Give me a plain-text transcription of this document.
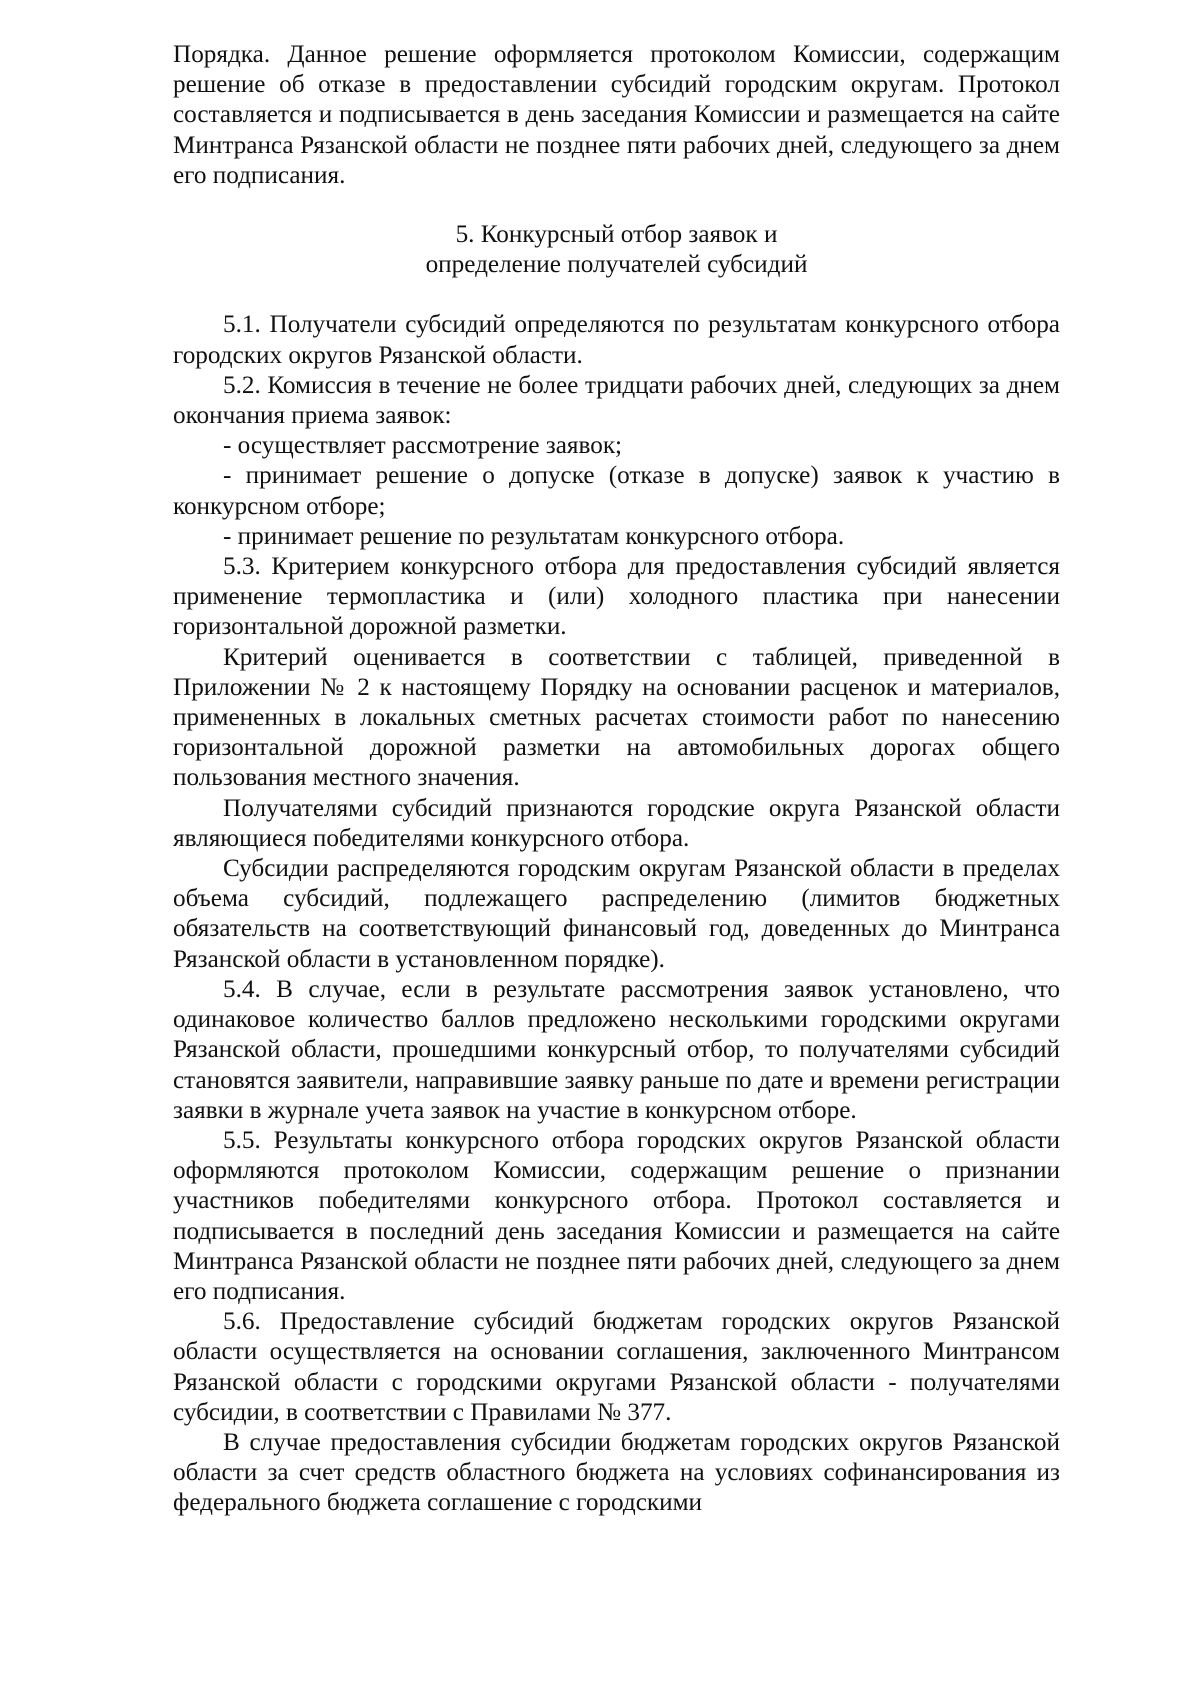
Порядка. Данное решение оформляется протоколом Комиссии, содержащим решение об отказе в предоставлении субсидий городским округам. Протокол составляется и подписывается в день заседания Комиссии и размещается на сайте Минтранса Рязанской области не позднее пяти рабочих дней, следующего за днем его подписания.

5. Конкурсный отбор заявок и
определение получателей субсидий

5.1. Получатели субсидий определяются по результатам конкурсного отбора городских округов Рязанской области.

5.2. Комиссия в течение не более тридцати рабочих дней, следующих за днем окончания приема заявок:

- осуществляет рассмотрение заявок;

- принимает решение о допуске (отказе в допуске) заявок к участию в конкурсном отборе;

- принимает решение по результатам конкурсного отбора.

5.3. Критерием конкурсного отбора для предоставления субсидий является применение термопластика и (или) холодного пластика при нанесении горизонтальной дорожной разметки.

Критерий оценивается в соответствии с таблицей, приведенной в Приложении № 2 к настоящему Порядку на основании расценок и материалов, примененных в локальных сметных расчетах стоимости работ по нанесению горизонтальной дорожной разметки на автомобильных дорогах общего пользования местного значения.

Получателями субсидий признаются городские округа Рязанской области являющиеся победителями конкурсного отбора.

Субсидии распределяются городским округам Рязанской области в пределах объема субсидий, подлежащего распределению (лимитов бюджетных обязательств на соответствующий финансовый год, доведенных до Минтранса Рязанской области в установленном порядке).

5.4. В случае, если в результате рассмотрения заявок установлено, что одинаковое количество баллов предложено несколькими городскими округами Рязанской области, прошедшими конкурсный отбор, то получателями субсидий становятся заявители, направившие заявку раньше по дате и времени регистрации заявки в журнале учета заявок на участие в конкурсном отборе.

5.5. Результаты конкурсного отбора городских округов Рязанской области оформляются протоколом Комиссии, содержащим решение о признании участников победителями конкурсного отбора. Протокол составляется и подписывается в последний день заседания Комиссии и размещается на сайте Минтранса Рязанской области не позднее пяти рабочих дней, следующего за днем его подписания.

5.6. Предоставление субсидий бюджетам городских округов Рязанской области осуществляется на основании соглашения, заключенного Минтрансом Рязанской области с городскими округами Рязанской области - получателями субсидии, в соответствии с Правилами № 377.

В случае предоставления субсидии бюджетам городских округов Рязанской области за счет средств областного бюджета на условиях софинансирования из федерального бюджета соглашение с городскими
